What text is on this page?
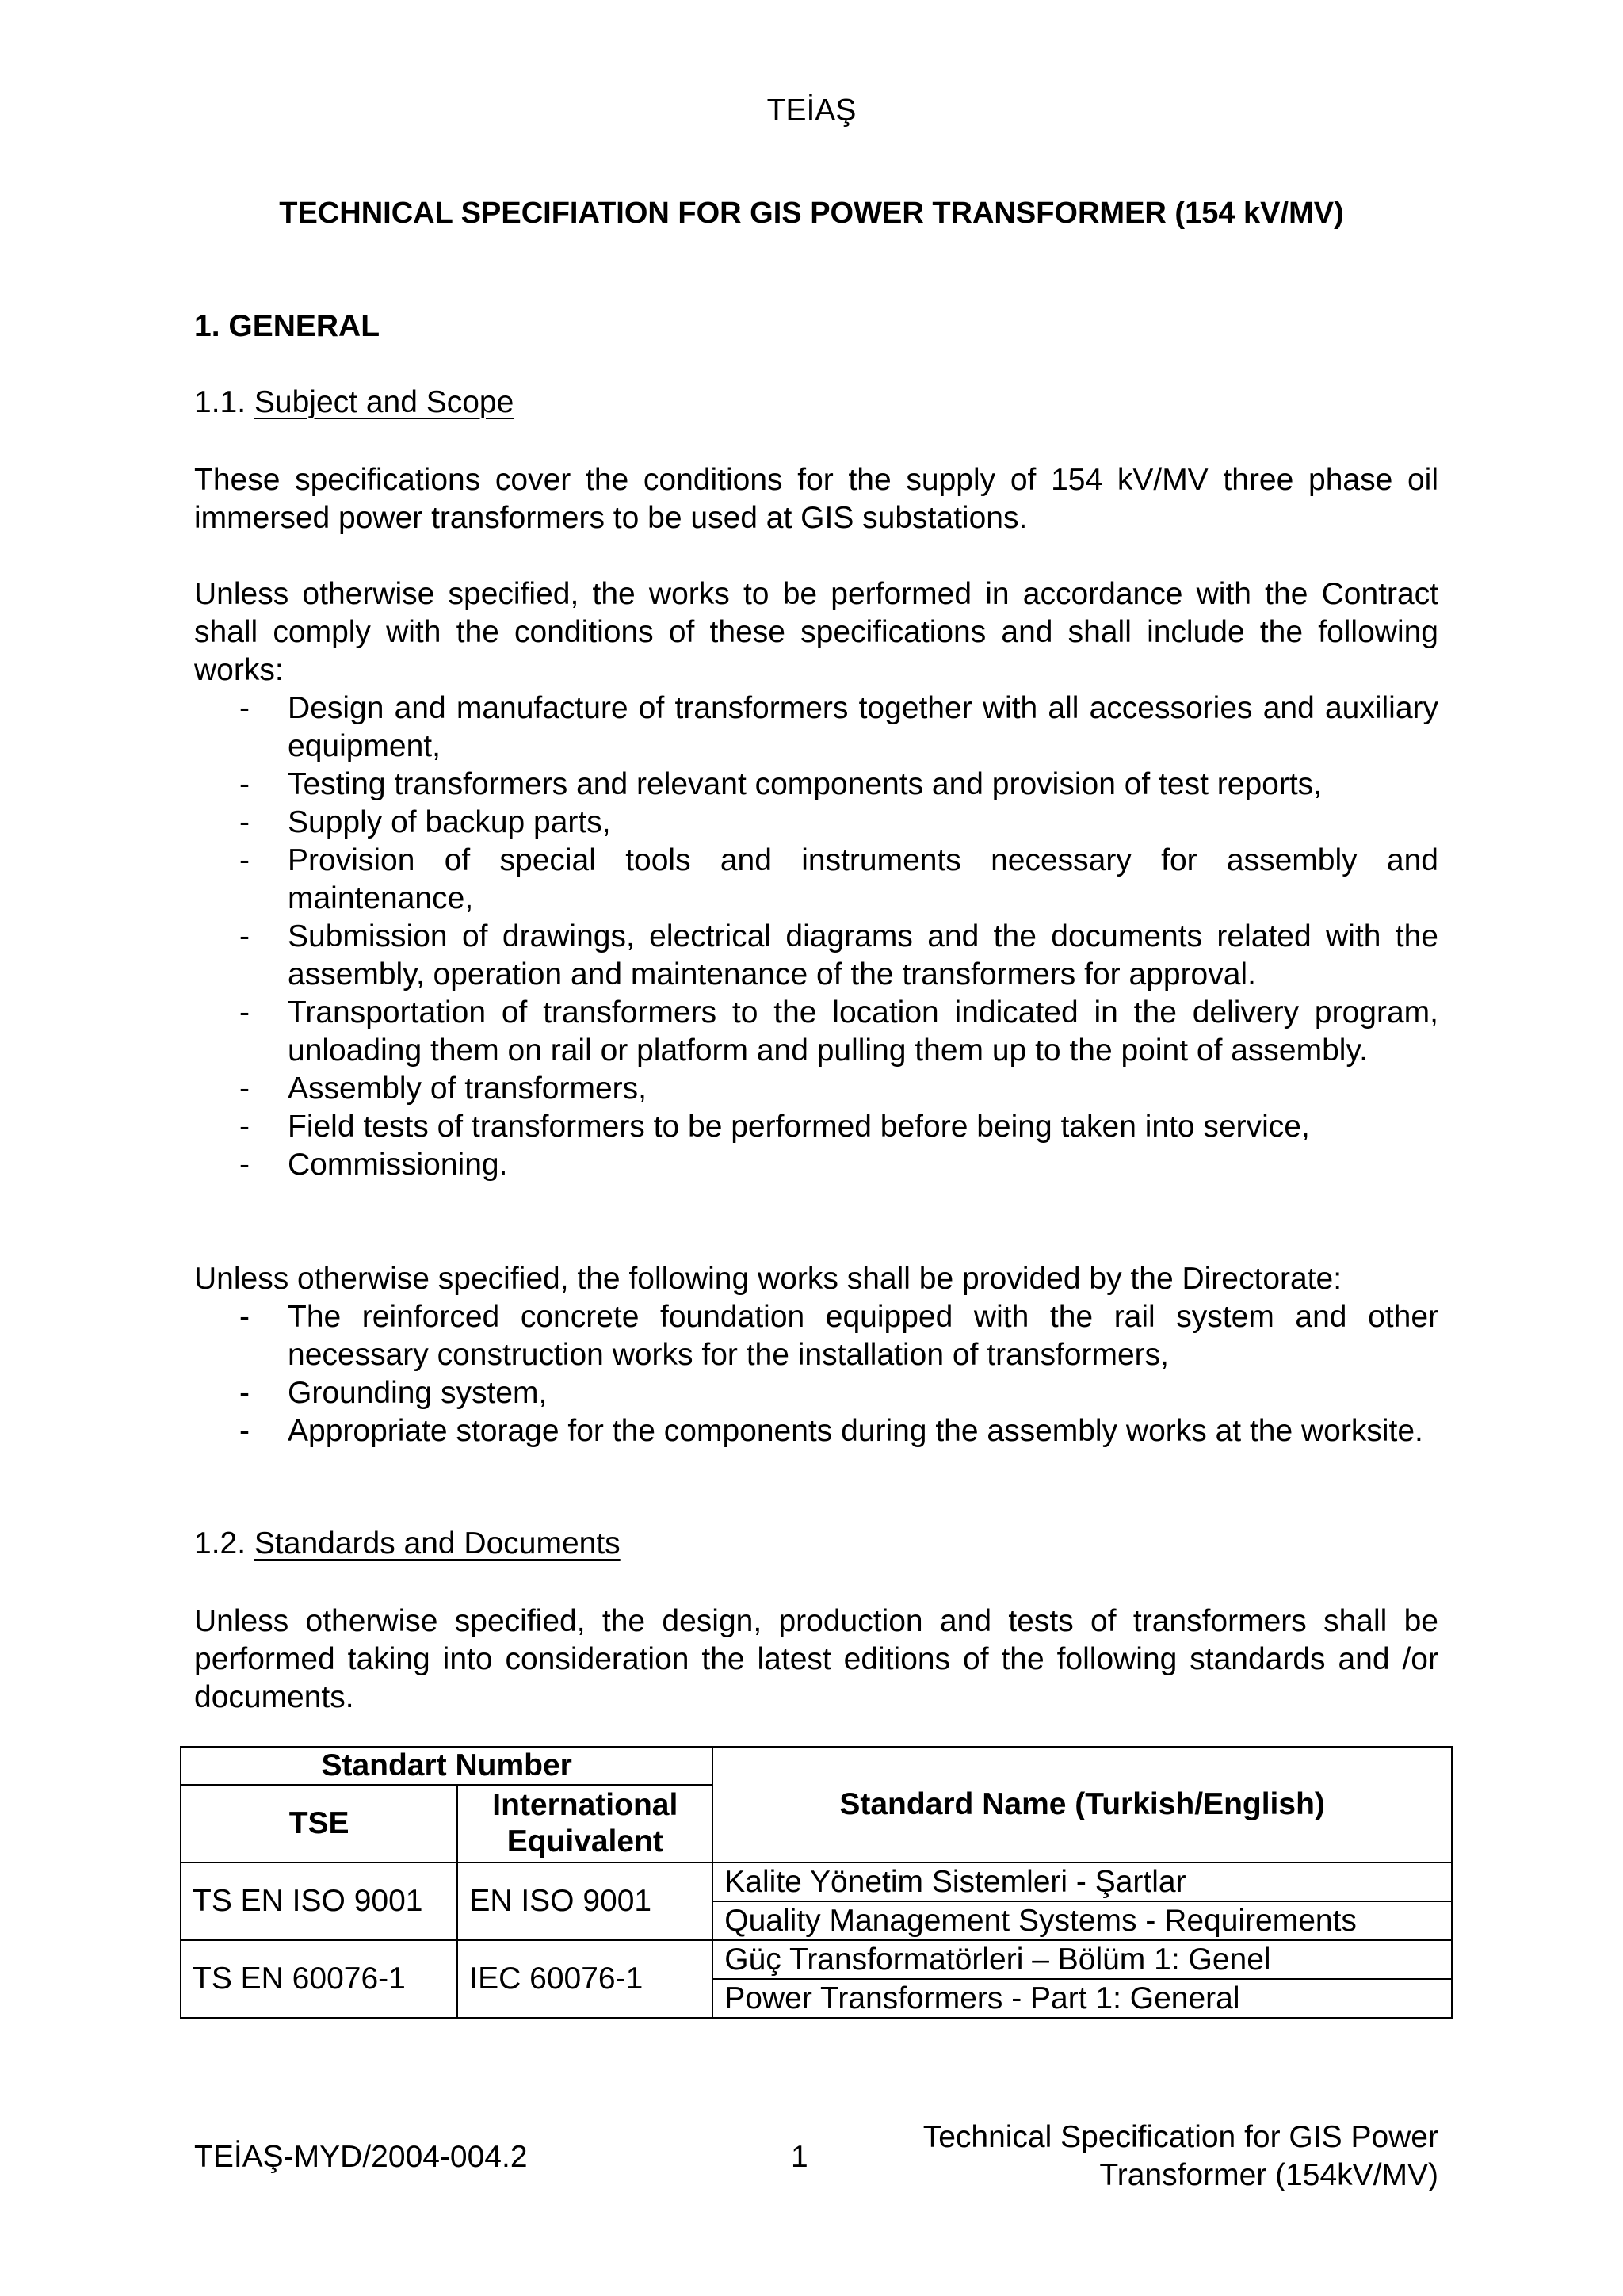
TEİAŞ
TECHNICAL SPECIFIATION FOR GIS POWER TRANSFORMER (154 kV/MV)
1. GENERAL
1.1. Subject and Scope
These specifications cover the conditions for the supply of 154 kV/MV three phase oil immersed power transformers to be used at GIS substations.
Unless otherwise specified, the works to be performed in accordance with the Contract shall comply with the conditions of these specifications and shall include the following works:
- Design and manufacture of transformers together with all accessories and auxiliary equipment,
- Testing transformers and relevant components and provision of test reports,
- Supply of backup parts,
- Provision of special tools and instruments necessary for assembly and maintenance,
- Submission of drawings, electrical diagrams and the documents related with the assembly, operation and maintenance of the transformers for approval.
- Transportation of transformers to the location indicated in the delivery program, unloading them on rail or platform and pulling them up to the point of assembly.
- Assembly of transformers,
- Field tests of transformers to be performed before being taken into service,
- Commissioning.
Unless otherwise specified, the following works shall be provided by the Directorate:
- The reinforced concrete foundation equipped with the rail system and other necessary construction works for the installation of transformers,
- Grounding system,
- Appropriate storage for the components during the assembly works at the worksite.
1.2. Standards and Documents
Unless otherwise specified, the design, production and tests of transformers shall be performed taking into consideration the latest editions of the following standards and /or documents.
Standart Number		Standard Name (Turkish/English)
TSE	International Equivalent	
TS EN ISO 9001	EN ISO 9001	Kalite Yönetim Sistemleri - Şartlar
		Quality Management Systems - Requirements
TS EN 60076-1	IEC 60076-1	Güç Transformatörleri – Bölüm 1: Genel
		Power Transformers - Part 1: General
TEİAŞ-MYD/2004-004.2	1
Technical Specification for GIS Power
Transformer (154kV/MV)
